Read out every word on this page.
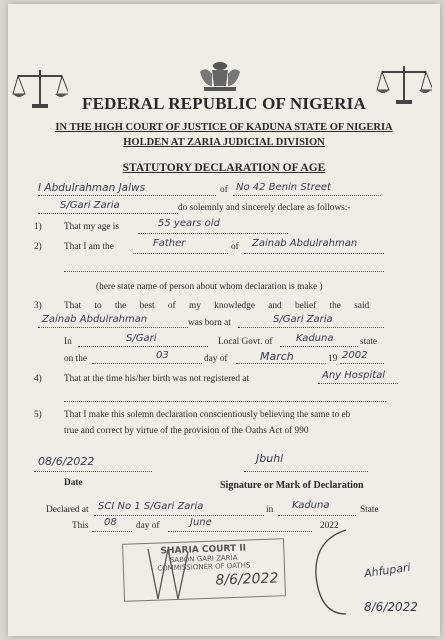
FEDERAL REPUBLIC OF NIGERIA
IN THE HIGH COURT OF JUSTICE OF KADUNA STATE OF NIGERIA
HOLDEN AT ZARIA JUDICIAL DIVISION
STATUTORY DECLARATION OF AGE
I Abdulrahman Jalws	of No 42 Benin Street
S/Gari Zaria	do solemnly and sincerely declare as follows:-
1) That my age is	55 years old
2) That I am the	Father	of Zainab Abdulrahman
(here state name of person about whom declaration is make )
3) That to the best of my knowledge and belief the said
Zainab Abdulrahman	was born at	S/Gari Zaria
In	S/Gari	Local Govt. of Kaduna	state
on the	03	day of	March	19 2002
4) That at the time his/her birth was not registered at	Any Hospital
5) That I make this solemn declaration conscientiously believing the same to eb
true and correct by virtue of the provision of the Oaths Act of 990
08/6/2022
Date
Jbuhl
Signature or Mark of Declaration
Declared at SCI No 1 S/Gari Zaria	in Kaduna	State
This 08 day of	June	2022
SHARIA COURT II
SABON GARI ZARIA
COMMISSIONER OF OATHS
8/6/2022	Ahfupari
8/6/2022
